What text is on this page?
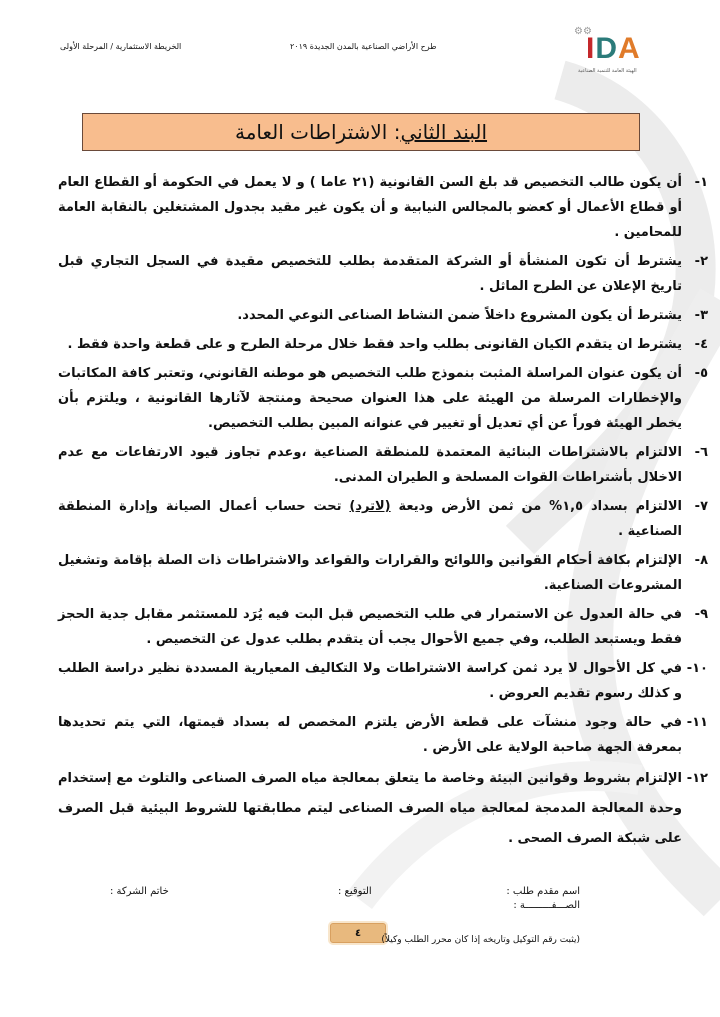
الخريطة الاستثمارية / المرحلة الأولى	طرح الأراضي الصناعية بالمدن الجديدة ٢٠١٩
⚙⚙
IDA
الهيئة العامة للتنمية الصناعية
البند الثاني: الاشتراطات العامة
١-
أن يكون طالب التخصيص قد بلغ السن القانونية (٢١ عاما ) و لا يعمل في الحكومة أو القطاع العام أو قطاع الأعمال أو كعضو بالمجالس النيابية و أن يكون غير مقيد بجدول المشتغلين بالنقابة العامة للمحامين .
٢-
يشترط أن تكون المنشأة أو الشركة المتقدمة بطلب للتخصيص مقيدة في السجل التجاري قبل تاريخ الإعلان عن الطرح الماثل .
٣-
يشترط أن يكون المشروع داخلاً ضمن النشاط الصناعى النوعي المحدد.
٤-
يشترط ان يتقدم الكيان القانونى بطلب واحد فقط خلال مرحلة الطرح و على قطعة واحدة فقط .
٥-
أن يكون عنوان المراسلة المثبت بنموذج طلب التخصيص هو موطنه القانوني، وتعتبر كافة المكاتبات والإخطارات المرسلة من الهيئة على هذا العنوان صحيحة ومنتجة لآثارها القانونية ، ويلتزم بأن يخطر الهيئة فوراً عن أي تعديل أو تغيير في عنوانه المبين بطلب التخصيص.
٦-
الالتزام بالاشتراطات البنائية المعتمدة للمنطقة الصناعية ،وعدم تجاوز قيود الارتفاعات مع عدم الاخلال بأشتراطات القوات المسلحة و الطيران المدنى.
٧-
الالتزام بسداد ١,٥% من ثمن الأرض وديعة (لاترد) تحت حساب أعمال الصيانة وإدارة المنطقة الصناعية .
٨-
الإلتزام بكافة أحكام القوانين واللوائح والقرارات والقواعد والاشتراطات ذات الصلة بإقامة وتشغيل المشروعات الصناعية.
٩-
في حالة العدول عن الاستمرار في طلب التخصيص قبل البت فيه يُرَد للمستثمر مقابل جدية الحجز فقط ويستبعد الطلب، وفي جميع الأحوال يجب أن يتقدم بطلب عدول عن التخصيص .
١٠-
في كل الأحوال لا يرد ثمن كراسة الاشتراطات ولا التكاليف المعيارية المسددة نظير دراسة الطلب و كذلك رسوم تقديم العروض .
١١-
في حالة وجود منشآت على قطعة الأرض يلتزم المخصص له بسداد قيمتها، التي يتم تحديدها بمعرفة الجهة صاحبة الولاية على الأرض .
١٢-
الإلتزام بشروط وقوانين البيئة وخاصة ما يتعلق بمعالجة مياه الصرف الصناعى والتلوث مع إستخدام وحدة المعالجة المدمجة لمعالجة مياه الصرف الصناعى ليتم مطابقتها للشروط البيئية قبل الصرف على شبكة الصرف الصحى .
اسم مقدم طلب :
الصـــفـــــــــة :
التوقيع :
خاتم الشركة :
٤
(يثبت رقم التوكيل وتاريخه إذا كان محرر الطلب وكيلاً)
